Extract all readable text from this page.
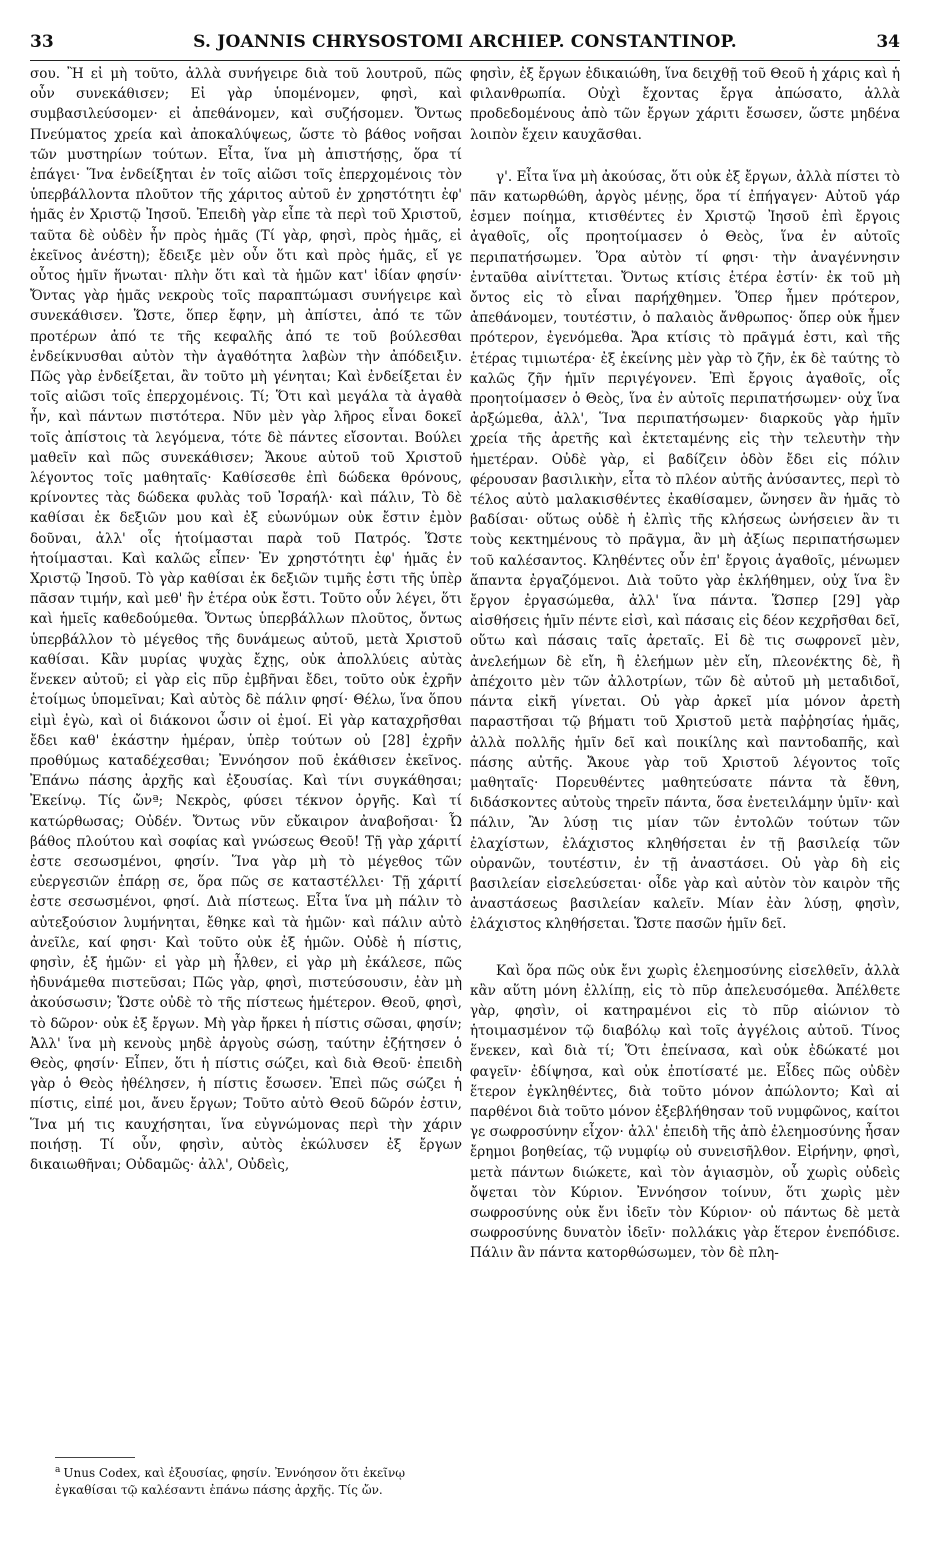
33	S. JOANNIS CHRYSOSTOMI ARCHIEP. CONSTANTINOP.	34

σου. Ἢ εἰ μὴ τοῦτο, ἀλλὰ συνήγειρε διὰ τοῦ λουτροῦ, πῶς οὖν συνεκάθισεν; Εἰ γὰρ ὑπομένομεν, φησὶ, καὶ συμβασιλεύσομεν· εἰ ἀπεθάνομεν, καὶ συζήσομεν. Ὄντως Πνεύματος χρεία καὶ ἀποκαλύψεως, ὥστε τὸ βάθος νοῆσαι τῶν μυστηρίων τούτων. Εἶτα, ἵνα μὴ ἀπιστήσῃς, ὅρα τί ἐπάγει· Ἵνα ἐνδείξηται ἐν τοῖς αἰῶσι τοῖς ἐπερχομένοις τὸν ὑπερβάλλοντα πλοῦτον τῆς χάριτος αὐτοῦ ἐν χρηστότητι ἐφ' ἡμᾶς ἐν Χριστῷ Ἰησοῦ. Ἐπειδὴ γὰρ εἶπε τὰ περὶ τοῦ Χριστοῦ, ταῦτα δὲ οὐδὲν ἦν πρὸς ἡμᾶς (Τί γὰρ, φησὶ, πρὸς ἡμᾶς, εἰ ἐκεῖνος ἀνέστη); ἔδειξε μὲν οὖν ὅτι καὶ πρὸς ἡμᾶς, εἴ γε οὗτος ἡμῖν ἥνωται· πλὴν ὅτι καὶ τὰ ἡμῶν κατ' ἰδίαν φησίν· Ὄντας γὰρ ἡμᾶς νεκροὺς τοῖς παραπτώμασι συνήγειρε καὶ συνεκάθισεν. Ὥστε, ὅπερ ἔφην, μὴ ἀπίστει, ἀπό τε τῶν προτέρων ἀπό τε τῆς κεφαλῆς ἀπό τε τοῦ βούλεσθαι ἐνδείκνυσθαι αὐτὸν τὴν ἀγαθότητα λαβὼν τὴν ἀπόδειξιν. Πῶς γὰρ ἐνδείξεται, ἂν τοῦτο μὴ γένηται; Καὶ ἐνδείξεται ἐν τοῖς αἰῶσι τοῖς ἐπερχομένοις. Τί; Ὅτι καὶ μεγάλα τὰ ἀγαθὰ ἦν, καὶ πάντων πιστότερα. Νῦν μὲν γὰρ λῆρος εἶναι δοκεῖ τοῖς ἀπίστοις τὰ λεγόμενα, τότε δὲ πάντες εἴσονται. Βούλει μαθεῖν καὶ πῶς συνεκάθισεν; Ἄκουε αὐτοῦ τοῦ Χριστοῦ λέγοντος τοῖς μαθηταῖς· Καθίσεσθε ἐπὶ δώδεκα θρόνους, κρίνοντες τὰς δώδεκα φυλὰς τοῦ Ἰσραήλ· καὶ πάλιν, Τὸ δὲ καθίσαι ἐκ δεξιῶν μου καὶ ἐξ εὐωνύμων οὐκ ἔστιν ἐμὸν δοῦναι, ἀλλ' οἷς ἡτοίμασται παρὰ τοῦ Πατρός. Ὥστε ἡτοίμασται. Καὶ καλῶς εἶπεν· Ἐν χρηστότητι ἐφ' ἡμᾶς ἐν Χριστῷ Ἰησοῦ. Τὸ γὰρ καθίσαι ἐκ δεξιῶν τιμῆς ἐστι τῆς ὑπὲρ πᾶσαν τιμήν, καὶ μεθ' ἣν ἑτέρα οὐκ ἔστι. Τοῦτο οὖν λέγει, ὅτι καὶ ἡμεῖς καθεδούμεθα. Ὄντως ὑπερβάλλων πλοῦτος, ὄντως ὑπερβάλλον τὸ μέγεθος τῆς δυνάμεως αὐτοῦ, μετὰ Χριστοῦ καθίσαι. Κἂν μυρίας ψυχὰς ἔχῃς, οὐκ ἀπολλύεις αὐτὰς ἕνεκεν αὐτοῦ; εἰ γὰρ εἰς πῦρ ἐμβῆναι ἔδει, τοῦτο οὐκ ἐχρῆν ἑτοίμως ὑπομεῖναι; Καὶ αὐτὸς δὲ πάλιν φησί· Θέλω, ἵνα ὅπου εἰμὶ ἐγὼ, καὶ οἱ διάκονοι ὦσιν οἱ ἐμοί. Εἰ γὰρ καταχρῆσθαι ἔδει καθ' ἑκάστην ἡμέραν, ὑπὲρ τούτων οὐ [28] ἐχρῆν προθύμως καταδέχεσθαι; Ἐννόησον ποῦ ἐκάθισεν ἐκεῖνος. Ἐπάνω πάσης ἀρχῆς καὶ ἐξουσίας. Καὶ τίνι συγκάθησαι; Ἐκείνῳ. Τίς ὤνª; Νεκρὸς, φύσει τέκνον ὀργῆς. Καὶ τί κατώρθωσας; Οὐδέν. Ὄντως νῦν εὔκαιρον ἀναβοῆσαι· Ὦ βάθος πλούτου καὶ σοφίας καὶ γνώσεως Θεοῦ! Τῇ γὰρ χάριτί ἐστε σεσωσμένοι, φησίν. Ἵνα γὰρ μὴ τὸ μέγεθος τῶν εὐεργεσιῶν ἐπάρῃ σε, ὅρα πῶς σε καταστέλλει· Τῇ χάριτί ἐστε σεσωσμένοι, φησί. Διὰ πίστεως. Εἶτα ἵνα μὴ πάλιν τὸ αὐτεξούσιον λυμήνηται, ἔθηκε καὶ τὰ ἡμῶν· καὶ πάλιν αὐτὸ ἀνεῖλε, καί φησι· Καὶ τοῦτο οὐκ ἐξ ἡμῶν. Οὐδὲ ἡ πίστις, φησὶν, ἐξ ἡμῶν· εἰ γὰρ μὴ ἦλθεν, εἰ γὰρ μὴ ἐκάλεσε, πῶς ἠδυνάμεθα πιστεῦσαι; Πῶς γὰρ, φησὶ, πιστεύσουσιν, ἐὰν μὴ ἀκούσωσιν; Ὥστε οὐδὲ τὸ τῆς πίστεως ἡμέτερον. Θεοῦ, φησὶ, τὸ δῶρον· οὐκ ἐξ ἔργων. Μὴ γὰρ ἤρκει ἡ πίστις σῶσαι, φησίν; Ἀλλ' ἵνα μὴ κενοὺς μηδὲ ἀργοὺς σώσῃ, ταύτην ἐζήτησεν ὁ Θεὸς, φησίν· Εἶπεν, ὅτι ἡ πίστις σώζει, καὶ διὰ Θεοῦ· ἐπειδὴ γὰρ ὁ Θεὸς ἠθέλησεν, ἡ πίστις ἔσωσεν. Ἐπεὶ πῶς σώζει ἡ πίστις, εἰπέ μοι, ἄνευ ἔργων; Τοῦτο αὐτὸ Θεοῦ δῶρόν ἐστιν, Ἵνα μή τις καυχήσηται, ἵνα εὐγνώμονας περὶ τὴν χάριν ποιήσῃ. Τί οὖν, φησὶν, αὐτὸς ἐκώλυσεν ἐξ ἔργων δικαιωθῆναι; Οὐδαμῶς· ἀλλ', Οὐδεὶς,

φησὶν, ἐξ ἔργων ἐδικαιώθη, ἵνα δειχθῇ τοῦ Θεοῦ ἡ χάρις καὶ ἡ φιλανθρωπία. Οὐχὶ ἔχοντας ἔργα ἀπώσατο, ἀλλὰ προδεδομένους ἀπὸ τῶν ἔργων χάριτι ἔσωσεν, ὥστε μηδένα λοιπὸν ἔχειν καυχᾶσθαι.

γ'. Εἶτα ἵνα μὴ ἀκούσας, ὅτι οὐκ ἐξ ἔργων, ἀλλὰ πίστει τὸ πᾶν κατωρθώθη, ἀργὸς μένῃς, ὅρα τί ἐπήγαγεν· Αὐτοῦ γάρ ἐσμεν ποίημα, κτισθέντες ἐν Χριστῷ Ἰησοῦ ἐπὶ ἔργοις ἀγαθοῖς, οἷς προητοίμασεν ὁ Θεὸς, ἵνα ἐν αὐτοῖς περιπατήσωμεν. Ὅρα αὐτὸν τί φησι· τὴν ἀναγέννησιν ἐνταῦθα αἰνίττεται. Ὄντως κτίσις ἑτέρα ἐστίν· ἐκ τοῦ μὴ ὄντος εἰς τὸ εἶναι παρήχθημεν. Ὅπερ ἦμεν πρότερον, ἀπεθάνομεν, τουτέστιν, ὁ παλαιὸς ἄνθρωπος· ὅπερ οὐκ ἦμεν πρότερον, ἐγενόμεθα. Ἄρα κτίσις τὸ πρᾶγμά ἐστι, καὶ τῆς ἑτέρας τιμιωτέρα· ἐξ ἐκείνης μὲν γὰρ τὸ ζῆν, ἐκ δὲ ταύτης τὸ καλῶς ζῆν ἡμῖν περιγέγονεν. Ἐπὶ ἔργοις ἀγαθοῖς, οἷς προητοίμασεν ὁ Θεὸς, ἵνα ἐν αὐτοῖς περιπατήσωμεν· οὐχ ἵνα ἀρξώμεθα, ἀλλ', Ἵνα περιπατήσωμεν· διαρκοῦς γὰρ ἡμῖν χρεία τῆς ἀρετῆς καὶ ἐκτεταμένης εἰς τὴν τελευτὴν τὴν ἡμετέραν. Οὐδὲ γὰρ, εἰ βαδίζειν ὁδὸν ἔδει εἰς πόλιν φέρουσαν βασιλικὴν, εἶτα τὸ πλέον αὐτῆς ἀνύσαντες, περὶ τὸ τέλος αὐτὸ μαλακισθέντες ἐκαθίσαμεν, ὤνησεν ἂν ἡμᾶς τὸ βαδίσαι· οὕτως οὐδὲ ἡ ἐλπὶς τῆς κλήσεως ὠνήσειεν ἂν τι τοὺς κεκτημένους τὸ πρᾶγμα, ἂν μὴ ἀξίως περιπατήσωμεν τοῦ καλέσαντος. Κληθέντες οὖν ἐπ' ἔργοις ἀγαθοῖς, μένωμεν ἅπαντα ἐργαζόμενοι. Διὰ τοῦτο γὰρ ἐκλήθημεν, οὐχ ἵνα ἓν ἔργον ἐργασώμεθα, ἀλλ' ἵνα πάντα. Ὥσπερ [29] γὰρ αἰσθήσεις ἡμῖν πέντε εἰσὶ, καὶ πάσαις εἰς δέον κεχρῆσθαι δεῖ, οὕτω καὶ πάσαις ταῖς ἀρεταῖς. Εἰ δὲ τις σωφρονεῖ μὲν, ἀνελεήμων δὲ εἴη, ἢ ἐλεήμων μὲν εἴη, πλεονέκτης δὲ, ἢ ἀπέχοιτο μὲν τῶν ἀλλοτρίων, τῶν δὲ αὐτοῦ μὴ μεταδιδοῖ, πάντα εἰκῆ γίνεται. Οὐ γὰρ ἀρκεῖ μία μόνον ἀρετὴ παραστῆσαι τῷ βήματι τοῦ Χριστοῦ μετὰ παῤῥησίας ἡμᾶς, ἀλλὰ πολλῆς ἡμῖν δεῖ καὶ ποικίλης καὶ παντοδαπῆς, καὶ πάσης αὐτῆς. Ἄκουε γὰρ τοῦ Χριστοῦ λέγοντος τοῖς μαθηταῖς· Πορευθέντες μαθητεύσατε πάντα τὰ ἔθνη, διδάσκοντες αὐτοὺς τηρεῖν πάντα, ὅσα ἐνετειλάμην ὑμῖν· καὶ πάλιν, Ἂν λύσῃ τις μίαν τῶν ἐντολῶν τούτων τῶν ἐλαχίστων, ἐλάχιστος κληθήσεται ἐν τῇ βασιλείᾳ τῶν οὐρανῶν, τουτέστιν, ἐν τῇ ἀναστάσει. Οὐ γὰρ δὴ εἰς βασιλείαν εἰσελεύσεται· οἶδε γὰρ καὶ αὐτὸν τὸν καιρὸν τῆς ἀναστάσεως βασιλείαν καλεῖν. Μίαν ἐὰν λύσῃ, φησὶν, ἐλάχιστος κληθήσεται. Ὥστε πασῶν ἡμῖν δεῖ.

Καὶ ὅρα πῶς οὐκ ἔνι χωρὶς ἐλεημοσύνης εἰσελθεῖν, ἀλλὰ κἂν αὕτη μόνη ἐλλίπῃ, εἰς τὸ πῦρ ἀπελευσόμεθα. Ἀπέλθετε γὰρ, φησὶν, οἱ κατηραμένοι εἰς τὸ πῦρ αἰώνιον τὸ ἡτοιμασμένον τῷ διαβόλῳ καὶ τοῖς ἀγγέλοις αὐτοῦ. Τίνος ἕνεκεν, καὶ διὰ τί; Ὅτι ἐπείνασα, καὶ οὐκ ἐδώκατέ μοι φαγεῖν· ἐδίψησα, καὶ οὐκ ἐποτίσατέ με. Εἶδες πῶς οὐδὲν ἕτερον ἐγκληθέντες, διὰ τοῦτο μόνον ἀπώλοντο; Καὶ αἱ παρθένοι διὰ τοῦτο μόνον ἐξεβλήθησαν τοῦ νυμφῶνος, καίτοι γε σωφροσύνην εἶχον· ἀλλ' ἐπειδὴ τῆς ἀπὸ ἐλεημοσύνης ἦσαν ἔρημοι βοηθείας, τῷ νυμφίῳ οὐ συνεισῆλθον. Εἰρήνην, φησὶ, μετὰ πάντων διώκετε, καὶ τὸν ἁγιασμὸν, οὗ χωρὶς οὐδεὶς ὄψεται τὸν Κύριον. Ἐννόησον τοίνυν, ὅτι χωρὶς μὲν σωφροσύνης οὐκ ἔνι ἰδεῖν τὸν Κύριον· οὐ πάντως δὲ μετὰ σωφροσύνης δυνατὸν ἰδεῖν· πολλάκις γὰρ ἕτερον ἐνεπόδισε. Πάλιν ἂν πάντα κατορθώσωμεν, τὸν δὲ πλη-

$^a$ Unus Codex, καὶ ἐξουσίας, φησίν. Ἐννόησον ὅτι ἐκεῖνῳ ἐγκαθίσαι τῷ καλέσαντι ἐπάνω πάσης ἀρχῆς. Τίς ὤν.
